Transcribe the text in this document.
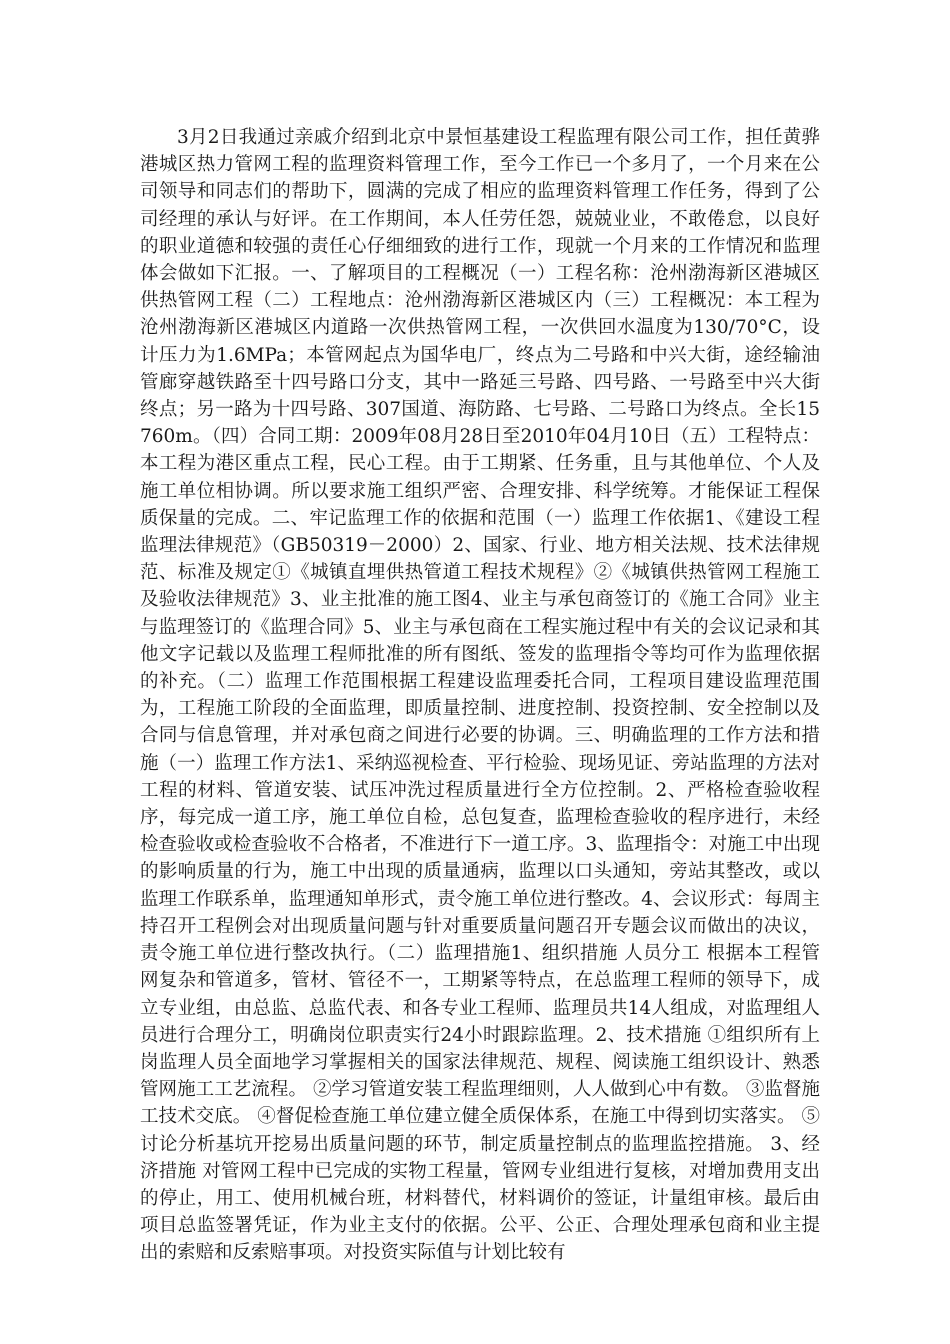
3月2日我通过亲戚介绍到北京中景恒基建设工程监理有限公司工作，担任黄骅港城区热力管网工程的监理资料管理工作，至今工作已一个多月了，一个月来在公司领导和同志们的帮助下，圆满的完成了相应的监理资料管理工作任务，得到了公司经理的承认与好评。在工作期间，本人任劳任怨，兢兢业业，不敢倦怠，以良好的职业道德和较强的责任心仔细细致的进行工作，现就一个月来的工作情况和监理体会做如下汇报。一、了解项目的工程概况（一）工程名称：沧州渤海新区港城区供热管网工程（二）工程地点：沧州渤海新区港城区内（三）工程概况：本工程为沧州渤海新区港城区内道路一次供热管网工程，一次供回水温度为130/70°C，设计压力为1.6MPa；本管网起点为国华电厂，终点为二号路和中兴大街，途经输油管廊穿越铁路至十四号路口分支，其中一路延三号路、四号路、一号路至中兴大街终点；另一路为十四号路、307国道、海防路、七号路、二号路口为终点。全长15760m。（四）合同工期：2009年08月28日至2010年04月10日（五）工程特点：本工程为港区重点工程，民心工程。由于工期紧、任务重，且与其他单位、个人及施工单位相协调。所以要求施工组织严密、合理安排、科学统筹。才能保证工程保质保量的完成。二、牢记监理工作的依据和范围（一）监理工作依据1、《建设工程监理法律规范》（GB50319－2000）2、国家、行业、地方相关法规、技术法律规范、标准及规定①《城镇直埋供热管道工程技术规程》②《城镇供热管网工程施工及验收法律规范》3、业主批准的施工图4、业主与承包商签订的《施工合同》业主与监理签订的《监理合同》5、业主与承包商在工程实施过程中有关的会议记录和其他文字记载以及监理工程师批准的所有图纸、签发的监理指令等均可作为监理依据的补充。（二）监理工作范围根据工程建设监理委托合同，工程项目建设监理范围为，工程施工阶段的全面监理，即质量控制、进度控制、投资控制、安全控制以及合同与信息管理，并对承包商之间进行必要的协调。三、明确监理的工作方法和措施（一）监理工作方法1、采纳巡视检查、平行检验、现场见证、旁站监理的方法对工程的材料、管道安装、试压冲洗过程质量进行全方位控制。2、严格检查验收程序，每完成一道工序，施工单位自检，总包复查，监理检查验收的程序进行，未经检查验收或检查验收不合格者，不准进行下一道工序。3、监理指令：对施工中出现的影响质量的行为，施工中出现的质量通病，监理以口头通知，旁站其整改，或以监理工作联系单，监理通知单形式，责令施工单位进行整改。4、会议形式：每周主持召开工程例会对出现质量问题与针对重要质量问题召开专题会议而做出的决议，责令施工单位进行整改执行。（二）监理措施1、组织措施 人员分工 根据本工程管网复杂和管道多，管材、管径不一，工期紧等特点，在总监理工程师的领导下，成立专业组，由总监、总监代表、和各专业工程师、监理员共14人组成，对监理组人员进行合理分工，明确岗位职责实行24小时跟踪监理。2、技术措施 ①组织所有上岗监理人员全面地学习掌握相关的国家法律规范、规程、阅读施工组织设计、熟悉管网施工工艺流程。 ②学习管道安装工程监理细则，人人做到心中有数。 ③监督施工技术交底。 ④督促检查施工单位建立健全质保体系，在施工中得到切实落实。 ⑤讨论分析基坑开挖易出质量问题的环节，制定质量控制点的监理监控措施。 3、经济措施 对管网工程中已完成的实物工程量，管网专业组进行复核，对增加费用支出的停止，用工、使用机械台班，材料替代，材料调价的签证，计量组审核。最后由项目总监签署凭证，作为业主支付的依据。公平、公正、合理处理承包商和业主提出的索赔和反索赔事项。对投资实际值与计划比较有
